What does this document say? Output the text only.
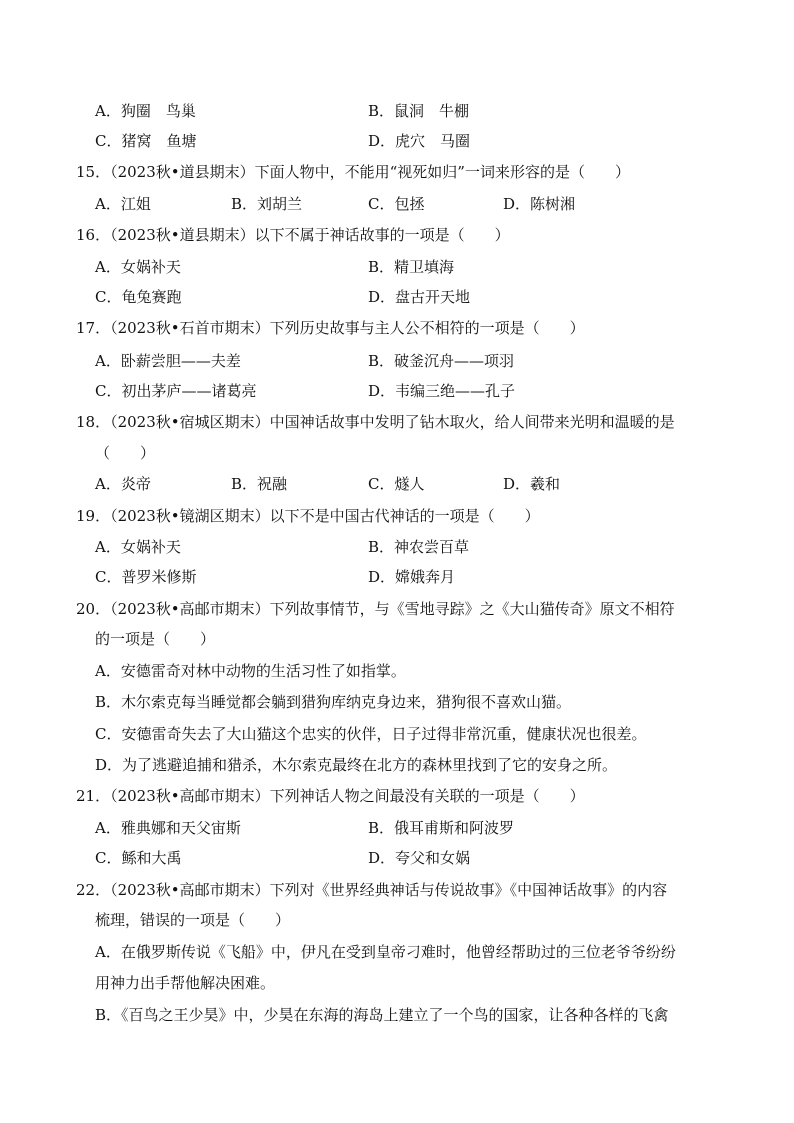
A．狗圈　鸟巢	B．鼠洞　牛棚
C．猪窝　鱼塘	D．虎穴　马圈
15．（2023秋•道县期末）下面人物中，不能用“视死如归”一词来形容的是（　　）
A．江姐	B．刘胡兰	C．包拯	D．陈树湘
16．（2023秋•道县期末）以下不属于神话故事的一项是（　　）
A．女娲补天	B．精卫填海
C．龟兔赛跑	D．盘古开天地
17．（2023秋•石首市期末）下列历史故事与主人公不相符的一项是（　　）
A．卧薪尝胆——夫差	B．破釜沉舟——项羽
C．初出茅庐——诸葛亮	D．韦编三绝——孔子
18．（2023秋•宿城区期末）中国神话故事中发明了钻木取火，给人间带来光明和温暖的是
（　　）
A．炎帝	B．祝融	C．燧人	D．羲和
19．（2023秋•镜湖区期末）以下不是中国古代神话的一项是（　　）
A．女娲补天	B．神农尝百草
C．普罗米修斯	D．嫦娥奔月
20．（2023秋•高邮市期末）下列故事情节，与《雪地寻踪》之《大山猫传奇》原文不相符
的一项是（　　）
A．安德雷奇对林中动物的生活习性了如指掌。
B．木尔索克每当睡觉都会躺到猎狗库纳克身边来，猎狗很不喜欢山猫。
C．安德雷奇失去了大山猫这个忠实的伙伴，日子过得非常沉重，健康状况也很差。
D．为了逃避追捕和猎杀，木尔索克最终在北方的森林里找到了它的安身之所。
21．（2023秋•高邮市期末）下列神话人物之间最没有关联的一项是（　　）
A．雅典娜和天父宙斯	B．俄耳甫斯和阿波罗
C．鲧和大禹	D．夸父和女娲
22．（2023秋•高邮市期末）下列对《世界经典神话与传说故事》《中国神话故事》的内容
梳理，错误的一项是（　　）
A．在俄罗斯传说《飞船》中，伊凡在受到皇帝刁难时，他曾经帮助过的三位老爷爷纷纷
用神力出手帮他解决困难。
B．《百鸟之王少昊》中，少昊在东海的海岛上建立了一个鸟的国家，让各种各样的飞禽
